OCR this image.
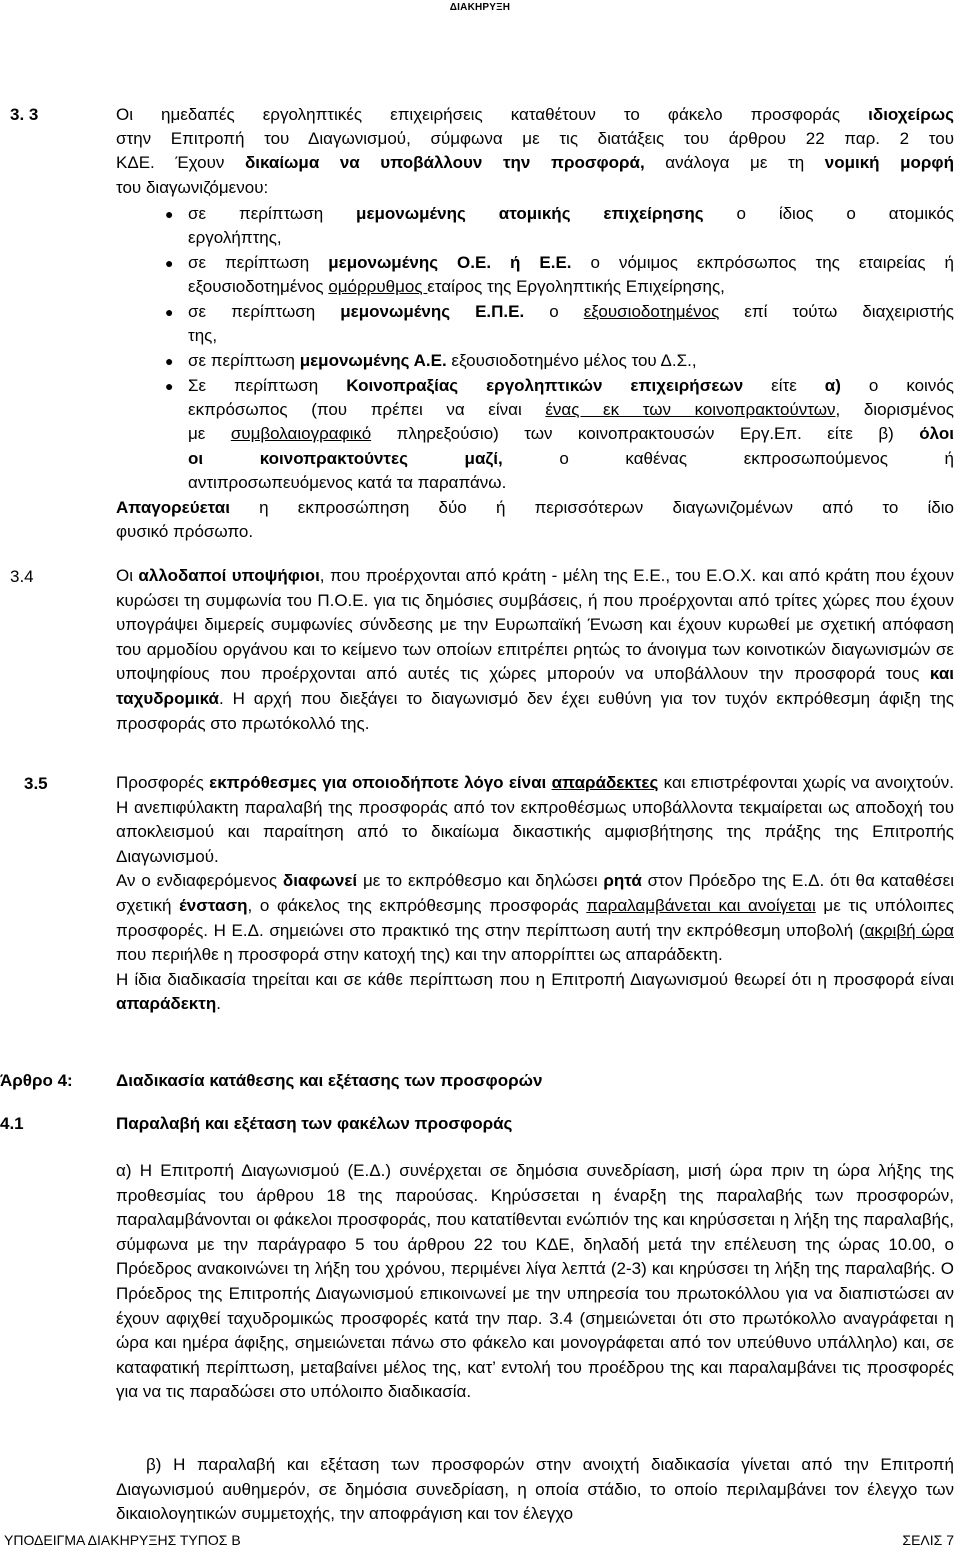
ΔΙΑΚΗΡΥΞΗ
3. 3	Οι ημεδαπές εργοληπτικές επιχειρήσεις καταθέτουν το φάκελο προσφοράς ιδιοχείρως
στην Επιτροπή του Διαγωνισμού, σύμφωνα με τις διατάξεις του άρθρου 22 παρ. 2 του
ΚΔΕ. Έχουν δικαίωμα να υποβάλλουν την προσφορά, ανάλογα με τη νομική μορφή
του διαγωνιζόμενου:
● σε περίπτωση μεμονωμένης ατομικής επιχείρησης ο ίδιος ο ατομικός
εργολήπτης,
● σε περίπτωση μεμονωμένης Ο.Ε. ή Ε.Ε. ο νόμιμος εκπρόσωπος της εταιρείας ή
εξουσιοδοτημένος ομόρρυθμος εταίρος της Εργοληπτικής Επιχείρησης,
● σε περίπτωση μεμονωμένης Ε.Π.Ε. ο εξουσιοδοτημένος επί τούτω διαχειριστής
της,
● σε περίπτωση μεμονωμένης Α.Ε. εξουσιοδοτημένο μέλος του Δ.Σ.,
● Σε περίπτωση Κοινοπραξίας εργοληπτικών επιχειρήσεων είτε α) ο κοινός
εκπρόσωπος (που πρέπει να είναι ένας εκ των κοινοπρακτούντων, διορισμένος
με συμβολαιογραφικό πληρεξούσιο) των κοινοπρακτουσών Εργ.Επ. είτε β) όλοι
οι κοινοπρακτούντες μαζί, ο καθένας εκπροσωπούμενος ή
αντιπροσωπευόμενος κατά τα παραπάνω.
Απαγορεύεται η εκπροσώπηση δύο ή περισσότερων διαγωνιζομένων από το ίδιο
φυσικό πρόσωπο.
3.4	Οι αλλοδαποί υποψήφιοι, που προέρχονται από κράτη - μέλη της Ε.Ε., του Ε.Ο.Χ. και από κράτη που έχουν κυρώσει τη συμφωνία του Π.Ο.Ε. για τις δημόσιες συμβάσεις, ή που προέρχονται από τρίτες χώρες που έχουν υπογράψει διμερείς συμφωνίες σύνδεσης με την Ευρωπαϊκή Ένωση και έχουν κυρωθεί με σχετική απόφαση του αρμοδίου οργάνου και το κείμενο των οποίων επιτρέπει ρητώς το άνοιγμα των κοινοτικών διαγωνισμών σε υποψηφίους που προέρχονται από αυτές τις χώρες μπορούν να υποβάλλουν την προσφορά τους και ταχυδρομικά. Η αρχή που διεξάγει το διαγωνισμό δεν έχει ευθύνη για τον τυχόν εκπρόθεσμη άφιξη της προσφοράς στο πρωτόκολλό της.
3.5	Προσφορές εκπρόθεσμες για οποιοδήποτε λόγο είναι απαράδεκτες και επιστρέφονται χωρίς να ανοιχτούν. Η ανεπιφύλακτη παραλαβή της προσφοράς από τον εκπροθέσμως υποβάλλοντα τεκμαίρεται ως αποδοχή του αποκλεισμού και παραίτηση από το δικαίωμα δικαστικής αμφισβήτησης της πράξης της Επιτροπής Διαγωνισμού.
Αν ο ενδιαφερόμενος διαφωνεί με το εκπρόθεσμο και δηλώσει ρητά στον Πρόεδρο της Ε.Δ. ότι θα καταθέσει σχετική ένσταση, ο φάκελος της εκπρόθεσμης προσφοράς παραλαμβάνεται και ανοίγεται με τις υπόλοιπες προσφορές. Η Ε.Δ. σημειώνει στο πρακτικό της στην περίπτωση αυτή την εκπρόθεσμη υποβολή (ακριβή ώρα που περιήλθε η προσφορά στην κατοχή της) και την απορρίπτει ως απαράδεκτη.
Η ίδια διαδικασία τηρείται και σε κάθε περίπτωση που η Επιτροπή Διαγωνισμού θεωρεί ότι η προσφορά είναι απαράδεκτη.
Άρθρο 4:	Διαδικασία κατάθεσης και εξέτασης των προσφορών
4.1	Παραλαβή και εξέταση των φακέλων προσφοράς
α) Η Επιτροπή Διαγωνισμού (Ε.Δ.) συνέρχεται σε δημόσια συνεδρίαση, μισή ώρα πριν τη ώρα λήξης της προθεσμίας του άρθρου 18 της παρούσας. Κηρύσσεται η έναρξη της παραλαβής των προσφορών, παραλαμβάνονται οι φάκελοι προσφοράς, που κατατίθενται ενώπιόν της και κηρύσσεται η λήξη της παραλαβής, σύμφωνα με την παράγραφο 5 του άρθρου 22 του ΚΔΕ, δηλαδή μετά την επέλευση της ώρας 10.00, ο Πρόεδρος ανακοινώνει τη λήξη του χρόνου, περιμένει λίγα λεπτά (2-3) και κηρύσσει τη λήξη της παραλαβής. Ο Πρόεδρος της Επιτροπής Διαγωνισμού επικοινωνεί με την υπηρεσία του πρωτοκόλλου για να διαπιστώσει αν έχουν αφιχθεί ταχυδρομικώς προσφορές κατά την παρ. 3.4 (σημειώνεται ότι στο πρωτόκολλο αναγράφεται η ώρα και ημέρα άφιξης, σημειώνεται πάνω στο φάκελο και μονογράφεται από τον υπεύθυνο υπάλληλο) και, σε καταφατική περίπτωση, μεταβαίνει μέλος της, κατ’ εντολή του προέδρου της και παραλαμβάνει τις προσφορές για να τις παραδώσει στο υπόλοιπο διαδικασία.
β) Η παραλαβή και εξέταση των προσφορών στην ανοιχτή διαδικασία γίνεται από την Επιτροπή Διαγωνισμού αυθημερόν, σε δημόσια συνεδρίαση, η οποία στάδιο, το οποίο περιλαμβάνει τον έλεγχο των δικαιολογητικών συμμετοχής, την αποφράγιση και τον έλεγχο
ΥΠΟΔΕΙΓΜΑ ΔΙΑΚΗΡΥΞΗΣ ΤΥΠΟΣ Β	ΣΕΛΙΣ 7
